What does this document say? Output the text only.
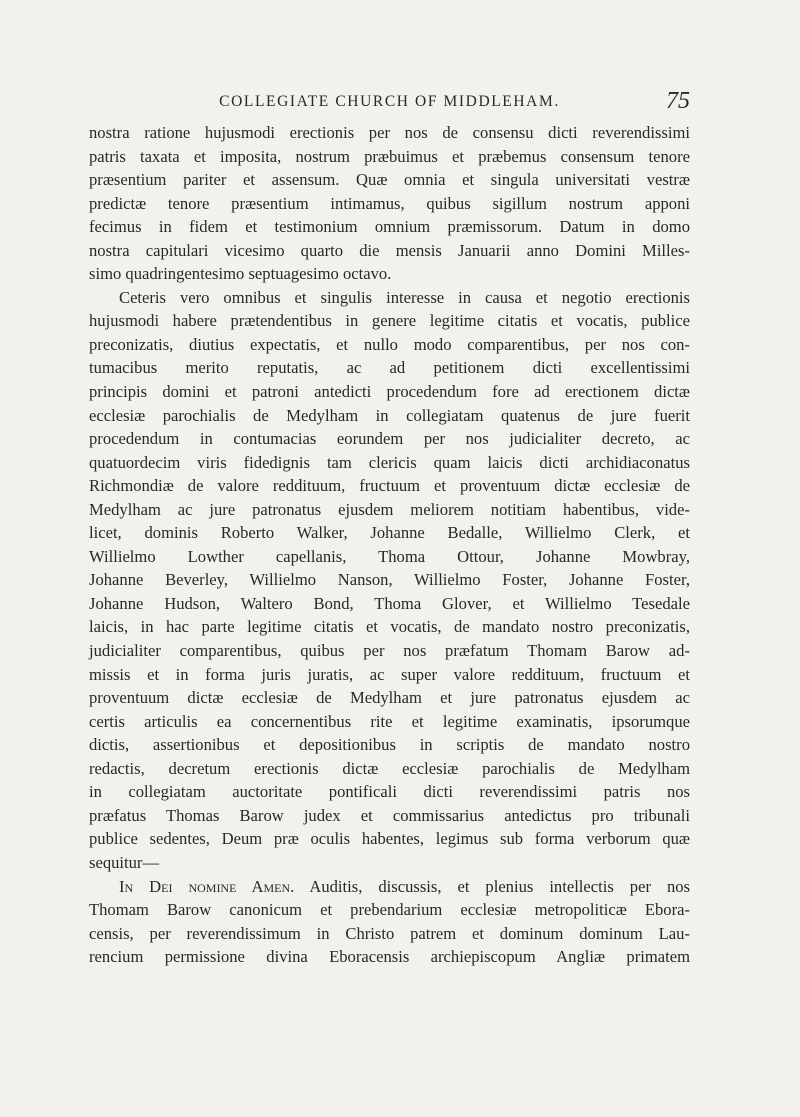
COLLEGIATE CHURCH OF MIDDLEHAM.	75
nostra ratione hujusmodi erectionis per nos de consensu dicti reverendissimi
patris taxata et imposita, nostrum præbuimus et præbemus consensum tenore
præsentium pariter et assensum. Quæ omnia et singula universitati vestræ
predictæ tenore præsentium intimamus, quibus sigillum nostrum apponi
fecimus in fidem et testimonium omnium præmissorum. Datum in domo
nostra capitulari vicesimo quarto die mensis Januarii anno Domini Milles-
simo quadringentesimo septuagesimo octavo.
Ceteris vero omnibus et singulis interesse in causa et negotio erectionis
hujusmodi habere prætendentibus in genere legitime citatis et vocatis, publice
preconizatis, diutius expectatis, et nullo modo comparentibus, per nos con-
tumacibus merito reputatis, ac ad petitionem dicti excellentissimi
principis domini et patroni antedicti procedendum fore ad erectionem dictæ
ecclesiæ parochialis de Medylham in collegiatam quatenus de jure fuerit
procedendum in contumacias eorundem per nos judicialiter decreto, ac
quatuordecim viris fidedignis tam clericis quam laicis dicti archidiaconatus
Richmondiæ de valore reddituum, fructuum et proventuum dictæ ecclesiæ de
Medylham ac jure patronatus ejusdem meliorem notitiam habentibus, vide-
licet, dominis Roberto Walker, Johanne Bedalle, Willielmo Clerk, et
Willielmo Lowther capellanis, Thoma Ottour, Johanne Mowbray,
Johanne Beverley, Willielmo Nanson, Willielmo Foster, Johanne Foster,
Johanne Hudson, Waltero Bond, Thoma Glover, et Willielmo Tesedale
laicis, in hac parte legitime citatis et vocatis, de mandato nostro preconizatis,
judicialiter comparentibus, quibus per nos præfatum Thomam Barow ad-
missis et in forma juris juratis, ac super valore reddituum, fructuum et
proventuum dictæ ecclesiæ de Medylham et jure patronatus ejusdem ac
certis articulis ea concernentibus rite et legitime examinatis, ipsorumque
dictis, assertionibus et depositionibus in scriptis de mandato nostro
redactis, decretum erectionis dictæ ecclesiæ parochialis de Medylham
in collegiatam auctoritate pontificali dicti reverendissimi patris nos
præfatus Thomas Barow judex et commissarius antedictus pro tribunali
publice sedentes, Deum præ oculis habentes, legimus sub forma verborum quæ
sequitur—
In Dei nomine Amen. Auditis, discussis, et plenius intellectis per nos
Thomam Barow canonicum et prebendarium ecclesiæ metropoliticæ Ebora-
censis, per reverendissimum in Christo patrem et dominum dominum Lau-
rencium permissione divina Eboracensis archiepiscopum Angliæ primatem
